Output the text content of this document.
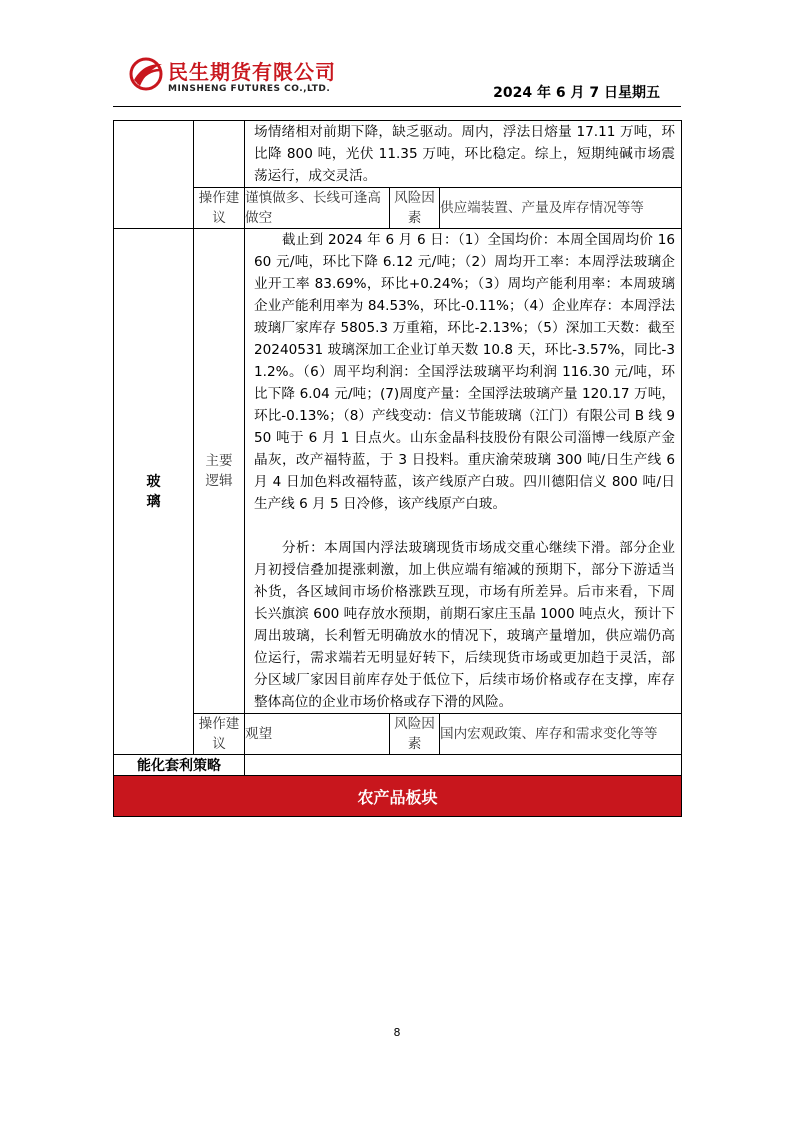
民生期货有限公司
MINSHENG FUTURES CO.,LTD.	2024 年 6 月 7 日星期五

		场情绪相对前期下降，缺乏驱动。周内，浮法日熔量 17.11 万吨，环比降 800 吨，光伏 11.35 万吨，环比稳定。综上，短期纯碱市场震荡运行，成交灵活。		

	操作建议	谨慎做多、长线可逢高做空	风险因素	供应端装置、产量及库存情况等等
玻璃	主要逻辑	截止到 2024 年 6 月 6 日：（1）全国均价：本周全国周均价 1660 元/吨，环比下降 6.12 元/吨；（2）周均开工率：本周浮法玻璃企业开工率 83.69%，环比+0.24%；（3）周均产能利用率：本周玻璃企业产能利用率为 84.53%，环比-0.11%；（4）企业库存：本周浮法玻璃厂家库存 5805.3 万重箱，环比-2.13%；（5）深加工天数：截至 20240531 玻璃深加工企业订单天数 10.8 天，环比-3.57%，同比-31.2%。（6）周平均利润：全国浮法玻璃平均利润 116.30 元/吨，环比下降 6.04 元/吨；(7)周度产量：全国浮法玻璃产量 120.17 万吨，环比-0.13%；（8）产线变动：信义节能玻璃（江门）有限公司 B 线 950 吨于 6 月 1 日点火。山东金晶科技股份有限公司淄博一线原产金晶灰，改产福特蓝，于 3 日投料。重庆渝荣玻璃 300 吨/日生产线 6 月 4 日加色料改福特蓝，该产线原产白玻。四川德阳信义 800 吨/日生产线 6 月 5 日冷修，该产线原产白玻。
分析：本周国内浮法玻璃现货市场成交重心继续下滑。部分企业月初授信叠加提涨刺激，加上供应端有缩减的预期下，部分下游适当补货，各区域间市场价格涨跌互现，市场有所差异。后市来看，下周长兴旗滨 600 吨存放水预期，前期石家庄玉晶 1000 吨点火，预计下周出玻璃，长利暂无明确放水的情况下，玻璃产量增加，供应端仍高位运行，需求端若无明显好转下，后续现货市场或更加趋于灵活，部分区域厂家因目前库存处于低位下，后续市场价格或存在支撑，库存整体高位的企业市场价格或存下滑的风险。		

	操作建议	观望	风险因素	国内宏观政策、库存和需求变化等等
能化套利策略				
农产品板块				
8
